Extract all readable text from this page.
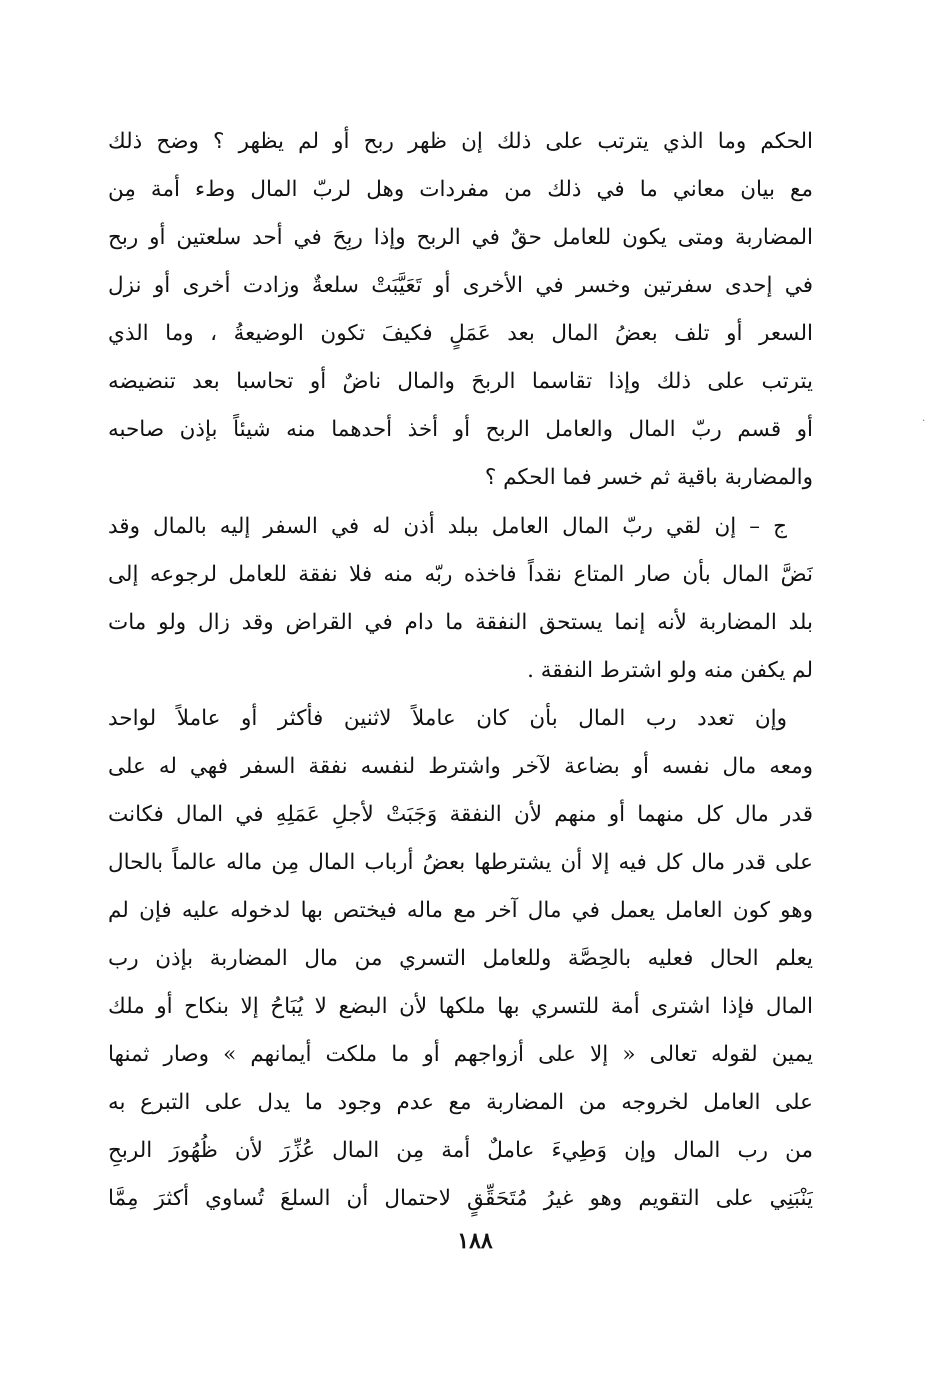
الحكم وما الذي يترتب على ذلك إن ظهر ربح أو لم يظهر ؟ وضح ذلك
مع بيان معاني ما في ذلك من مفردات وهل لربّ المال وطء أمة مِن
المضاربة ومتى يكون للعامل حقٌ في الربح وإذا ربِحَ في أحد سلعتين أو ربح
في إحدى سفرتين وخسر في الأخرى أو تَعَيَّبَتْ سلعةٌ وزادت أخرى أو نزل
السعر أو تلف بعضُ المال بعد عَمَلٍ فكيفَ تكون الوضيعةُ ، وما الذي
يترتب على ذلك وإذا تقاسما الربحَ والمال ناضٌ أو تحاسبا بعد تنضيضه
أو قسم ربّ المال والعامل الربح أو أخذ أحدهما منه شيئاً بإذن صاحبه
والمضاربة باقية ثم خسر فما الحكم ؟
ج – إن لقي ربّ المال العامل ببلد أذن له في السفر إليه بالمال وقد
نَضَّ المال بأن صار المتاع نقداً فاخذه ربّه منه فلا نفقة للعامل لرجوعه إلى
بلد المضاربة لأنه إنما يستحق النفقة ما دام في القراض وقد زال ولو مات
لم يكفن منه ولو اشترط النفقة .
وإن تعدد رب المال بأن كان عاملاً لاثنين فأكثر أو عاملاً لواحد
ومعه مال نفسه أو بضاعة لآخر واشترط لنفسه نفقة السفر فهي له على
قدر مال كل منهما أو منهم لأن النفقة وَجَبَتْ لأجلِ عَمَلِهِ في المال فكانت
على قدر مال كل فيه إلا أن يشترطها بعضُ أرباب المال مِن ماله عالماً بالحال
وهو كون العامل يعمل في مال آخر مع ماله فيختص بها لدخوله عليه فإن لم
يعلم الحال فعليه بالحِصَّة وللعامل التسري من مال المضاربة بإذن رب
المال فإذا اشترى أمة للتسري بها ملكها لأن البضع لا يُبَاحُ إلا بنكاح أو ملك
يمين لقوله تعالى « إلا على أزواجهم أو ما ملكت أيمانهم » وصار ثمنها
على العامل لخروجه من المضاربة مع عدم وجود ما يدل على التبرع به
من رب المال وإن وَطِيءَ عاملٌ أمة مِن المال عُزِّرَ لأن ظُهُورَ الربحِ
يَنْبَنِي على التقويم وهو غيرُ مُتَحَقِّقٍ لاحتمال أن السلعَ تُساوي أكثرَ مِمَّا
·
١٨٨
